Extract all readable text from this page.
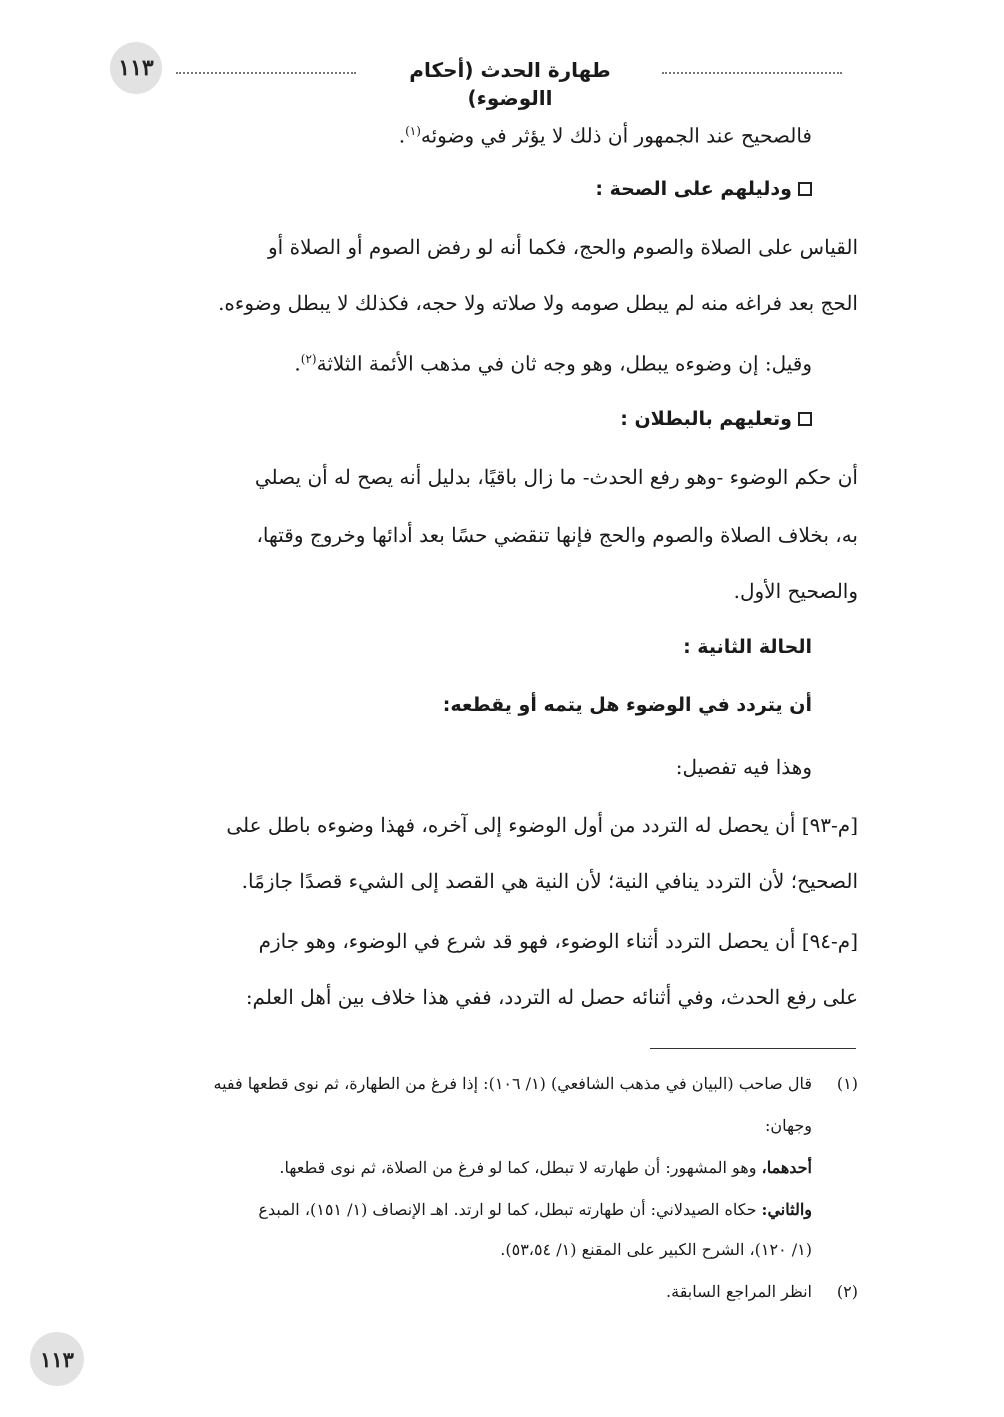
١١٣	طهارة الحدث (أحكام االوضوء)
فالصحيح عند الجمهور أن ذلك لا يؤثر في وضوئه$^{(١)}$.
ودليلهم على الصحة :
القياس على الصلاة والصوم والحج، فكما أنه لو رفض الصوم أو الصلاة أو
الحج بعد فراغه منه لم يبطل صومه ولا صلاته ولا حجه، فكذلك لا يبطل وضوءه.
وقيل: إن وضوءه يبطل، وهو وجه ثان في مذهب الأئمة الثلاثة$^{(٢)}$.
وتعليهم بالبطلان :
أن حكم الوضوء -وهو رفع الحدث- ما زال باقيًا، بدليل أنه يصح له أن يصلي
به، بخلاف الصلاة والصوم والحج فإنها تنقضي حسًا بعد أدائها وخروج وقتها،
والصحيح الأول.
الحالة الثانية :
أن يتردد في الوضوء هل يتمه أو يقطعه:
وهذا فيه تفصيل:
[م-٩٣] أن يحصل له التردد من أول الوضوء إلى آخره، فهذا وضوءه باطل على
الصحيح؛ لأن التردد ينافي النية؛ لأن النية هي القصد إلى الشيء قصدًا جازمًا.
[م-٩٤] أن يحصل التردد أثناء الوضوء، فهو قد شرع في الوضوء، وهو جازم
على رفع الحدث، وفي أثنائه حصل له التردد، ففي هذا خلاف بين أهل العلم:
(١)
قال صاحب (البيان في مذهب الشافعي) (١/ ١٠٦): إذا فرغ من الطهارة، ثم نوى قطعها ففيه
وجهان:
أحدهما، وهو المشهور: أن طهارته لا تبطل، كما لو فرغ من الصلاة، ثم نوى قطعها.
والثاني: حكاه الصيدلاني: أن طهارته تبطل، كما لو ارتد. اهـ الإنصاف (١/ ١٥١)، المبدع
(١/ ١٢٠)، الشرح الكبير على المقنع (١/ ٥٣،٥٤).
(٢)
انظر المراجع السابقة.
١١٣
